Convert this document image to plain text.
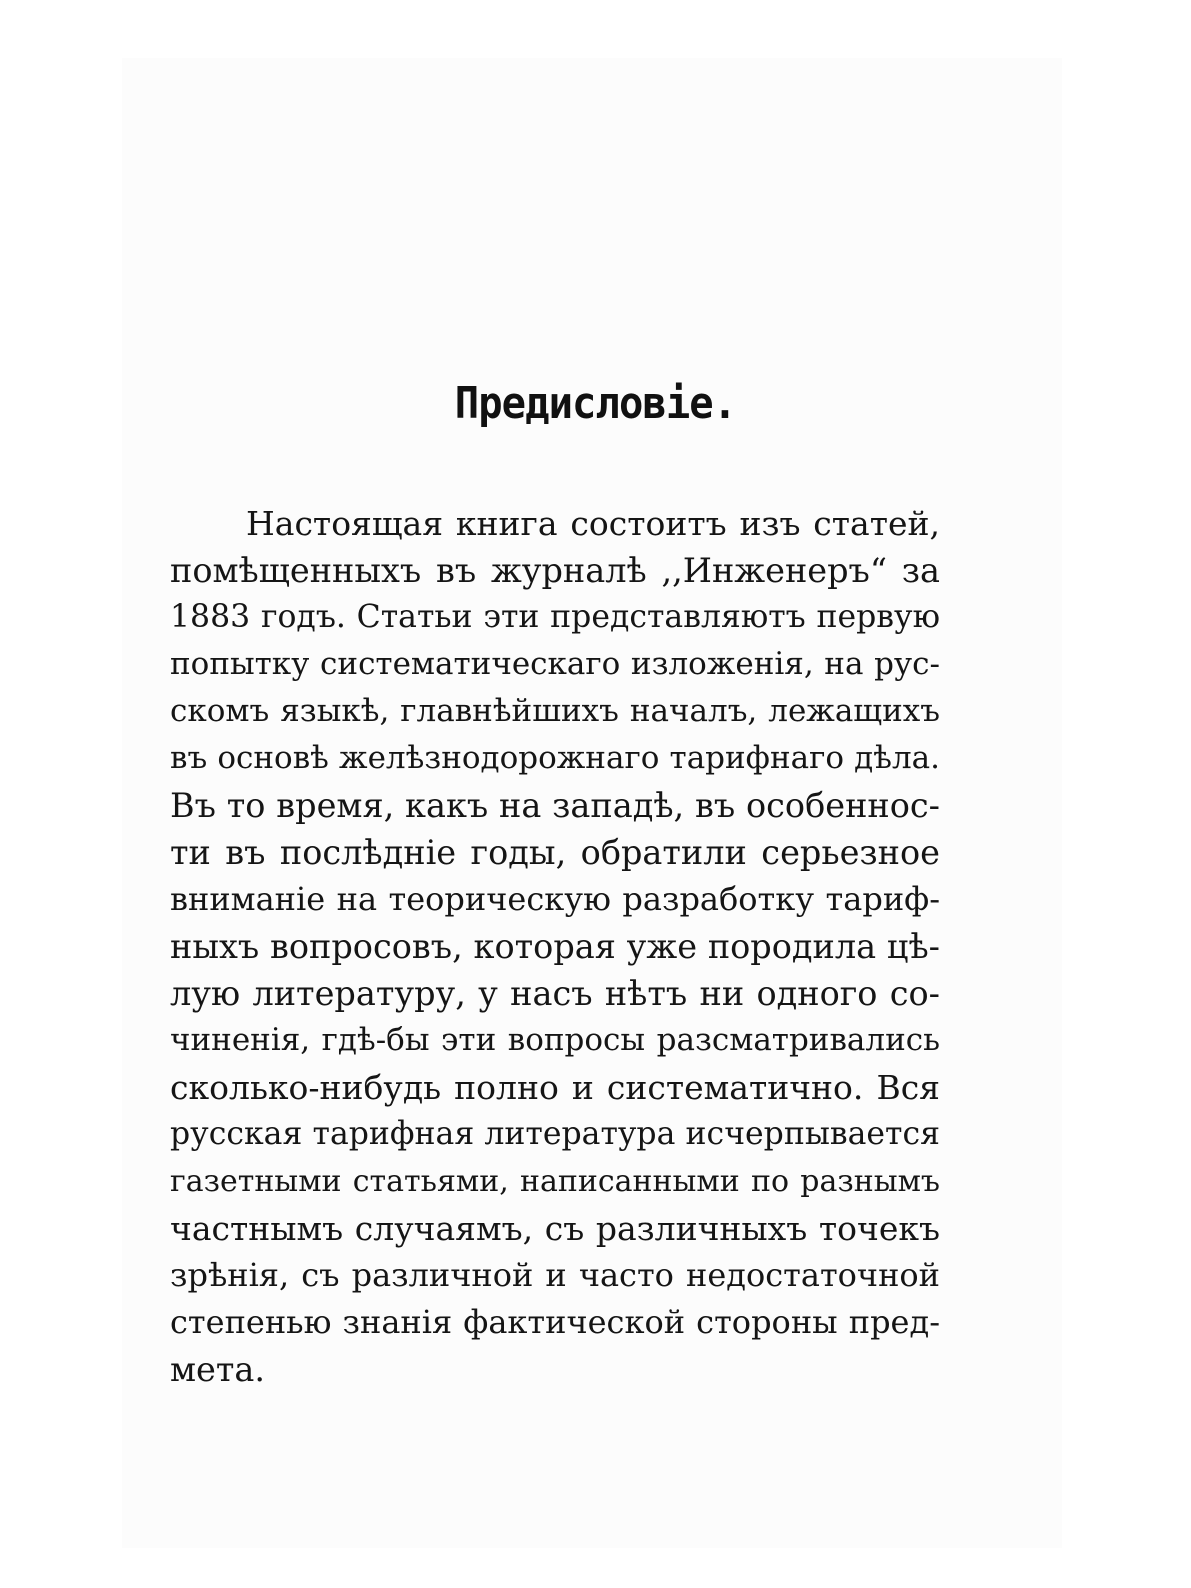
Предисловіе.
Настоящая книга состоитъ изъ статей,
помѣщенныхъ въ журналѣ ,,Инженеръ“ за
1883 годъ. Статьи эти представляютъ первую
попытку систематическаго изложенія, на рус-
скомъ языкѣ, главнѣйшихъ началъ, лежащихъ
въ основѣ желѣзнодорожнаго тарифнаго дѣла.
Въ то время, какъ на западѣ, въ особеннос-
ти въ послѣдніе годы, обратили серьезное
вниманіе на теорическую разработку тариф-
ныхъ вопросовъ, которая уже породила цѣ-
лую литературу, у насъ нѣтъ ни одного со-
чиненія, гдѣ-бы эти вопросы разсматривались
сколько-нибудь полно и систематично. Вся
русская тарифная литература исчерпывается
газетными статьями, написанными по разнымъ
частнымъ случаямъ, съ различныхъ точекъ
зрѣнія, съ различной и часто недостаточной
степенью знанія фактической стороны пред-
мета.
